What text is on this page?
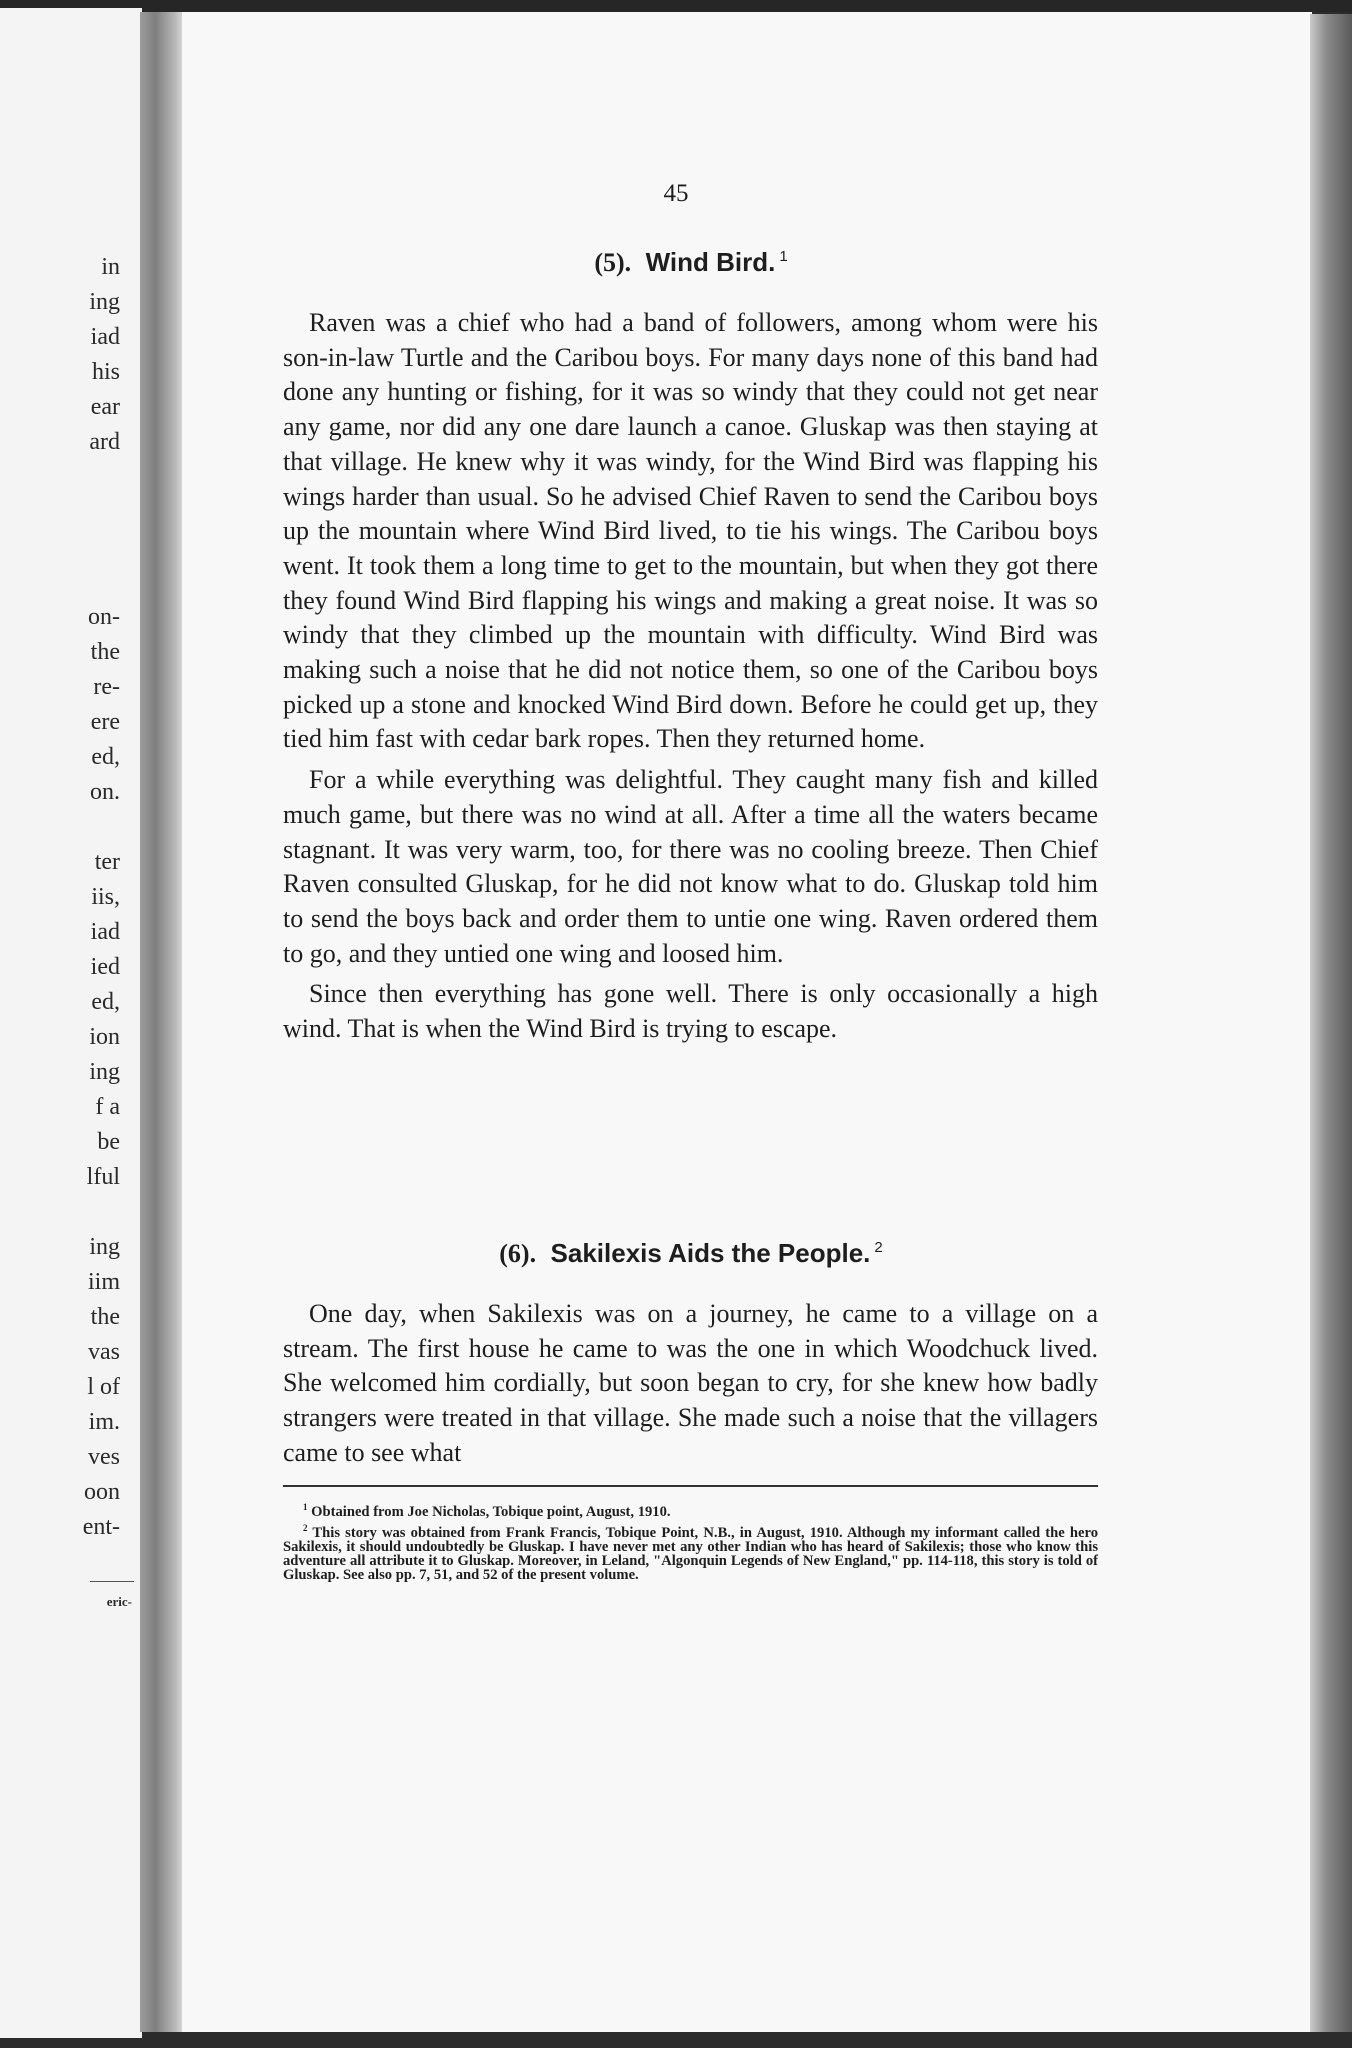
in
ing
iad
his
ear
ard
on-
the
re-
ere
ed,
on.
ter
iis,
iad
ied
ed,
ion
ing
f a
be
lful
ing
iim
the
vas
l of
im.
ves
oon
ent-
eric-
45
(5). Wind Bird. $^1$

Raven was a chief who had a band of followers, among whom were his son-in-law Turtle and the Caribou boys. For many days none of this band had done any hunting or fishing, for it was so windy that they could not get near any game, nor did any one dare launch a canoe. Gluskap was then staying at that village. He knew why it was windy, for the Wind Bird was flapping his wings harder than usual. So he advised Chief Raven to send the Caribou boys up the mountain where Wind Bird lived, to tie his wings. The Caribou boys went. It took them a long time to get to the mountain, but when they got there they found Wind Bird flapping his wings and making a great noise. It was so windy that they climbed up the mountain with difficulty. Wind Bird was making such a noise that he did not notice them, so one of the Caribou boys picked up a stone and knocked Wind Bird down. Before he could get up, they tied him fast with cedar bark ropes. Then they returned home.

For a while everything was delightful. They caught many fish and killed much game, but there was no wind at all. After a time all the waters became stagnant. It was very warm, too, for there was no cooling breeze. Then Chief Raven consulted Gluskap, for he did not know what to do. Gluskap told him to send the boys back and order them to untie one wing. Raven ordered them to go, and they untied one wing and loosed him.

Since then everything has gone well. There is only occasionally a high wind. That is when the Wind Bird is trying to escape.

(6). Sakilexis Aids the People. $^2$

One day, when Sakilexis was on a journey, he came to a village on a stream. The first house he came to was the one in which Woodchuck lived. She welcomed him cordially, but soon began to cry, for she knew how badly strangers were treated in that village. She made such a noise that the villagers came to see what

$^1$ Obtained from Joe Nicholas, Tobique point, August, 1910.

$^2$ This story was obtained from Frank Francis, Tobique Point, N.B., in August, 1910. Although my informant called the hero Sakilexis, it should undoubtedly be Gluskap. I have never met any other Indian who has heard of Sakilexis; those who know this adventure all attribute it to Gluskap. Moreover, in Leland, "Algonquin Legends of New England," pp. 114-118, this story is told of Gluskap. See also pp. 7, 51, and 52 of the present volume.
